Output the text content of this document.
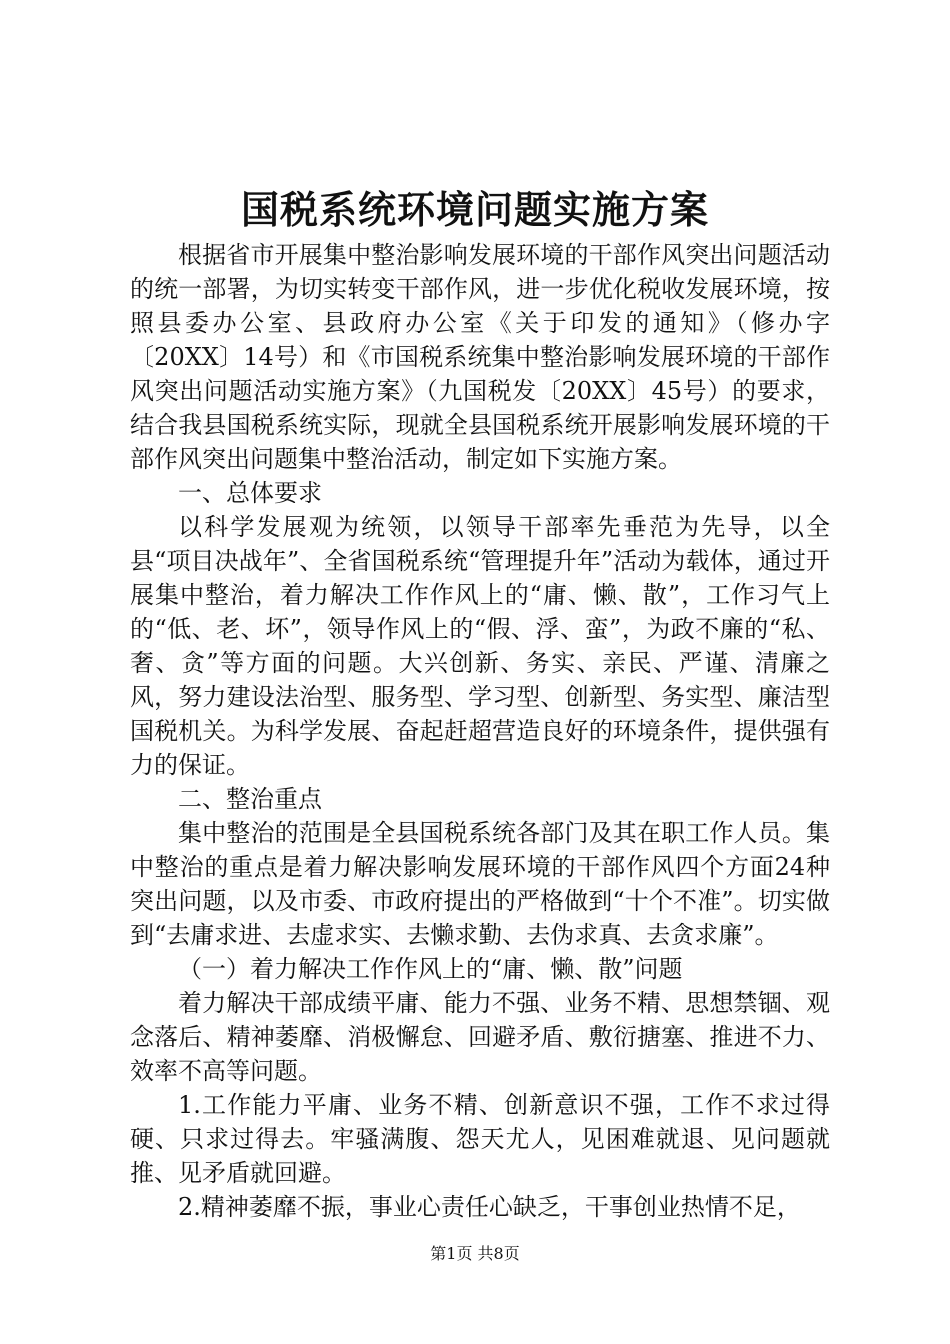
国税系统环境问题实施方案

根据省市开展集中整治影响发展环境的干部作风突出问题活动的统一部署，为切实转变干部作风，进一步优化税收发展环境，按照县委办公室、县政府办公室《关于印发的通知》（修办字〔20XX〕14号）和《市国税系统集中整治影响发展环境的干部作风突出问题活动实施方案》（九国税发〔20XX〕45号）的要求，结合我县国税系统实际，现就全县国税系统开展影响发展环境的干部作风突出问题集中整治活动，制定如下实施方案。

一、总体要求

以科学发展观为统领，以领导干部率先垂范为先导，以全县“项目决战年”、全省国税系统“管理提升年”活动为载体，通过开展集中整治，着力解决工作作风上的“庸、懒、散”，工作习气上的“低、老、坏”，领导作风上的“假、浮、蛮”，为政不廉的“私、奢、贪”等方面的问题。大兴创新、务实、亲民、严谨、清廉之风，努力建设法治型、服务型、学习型、创新型、务实型、廉洁型国税机关。为科学发展、奋起赶超营造良好的环境条件，提供强有力的保证。

二、整治重点

集中整治的范围是全县国税系统各部门及其在职工作人员。集中整治的重点是着力解决影响发展环境的干部作风四个方面24种突出问题，以及市委、市政府提出的严格做到“十个不准”。切实做到“去庸求进、去虚求实、去懒求勤、去伪求真、去贪求廉”。

（一）着力解决工作作风上的“庸、懒、散”问题

着力解决干部成绩平庸、能力不强、业务不精、思想禁锢、观念落后、精神萎靡、消极懈怠、回避矛盾、敷衍搪塞、推进不力、效率不高等问题。

1.工作能力平庸、业务不精、创新意识不强，工作不求过得硬、只求过得去。牢骚满腹、怨天尤人，见困难就退、见问题就推、见矛盾就回避。

2.精神萎靡不振，事业心责任心缺乏，干事创业热情不足，

第1页 共8页
